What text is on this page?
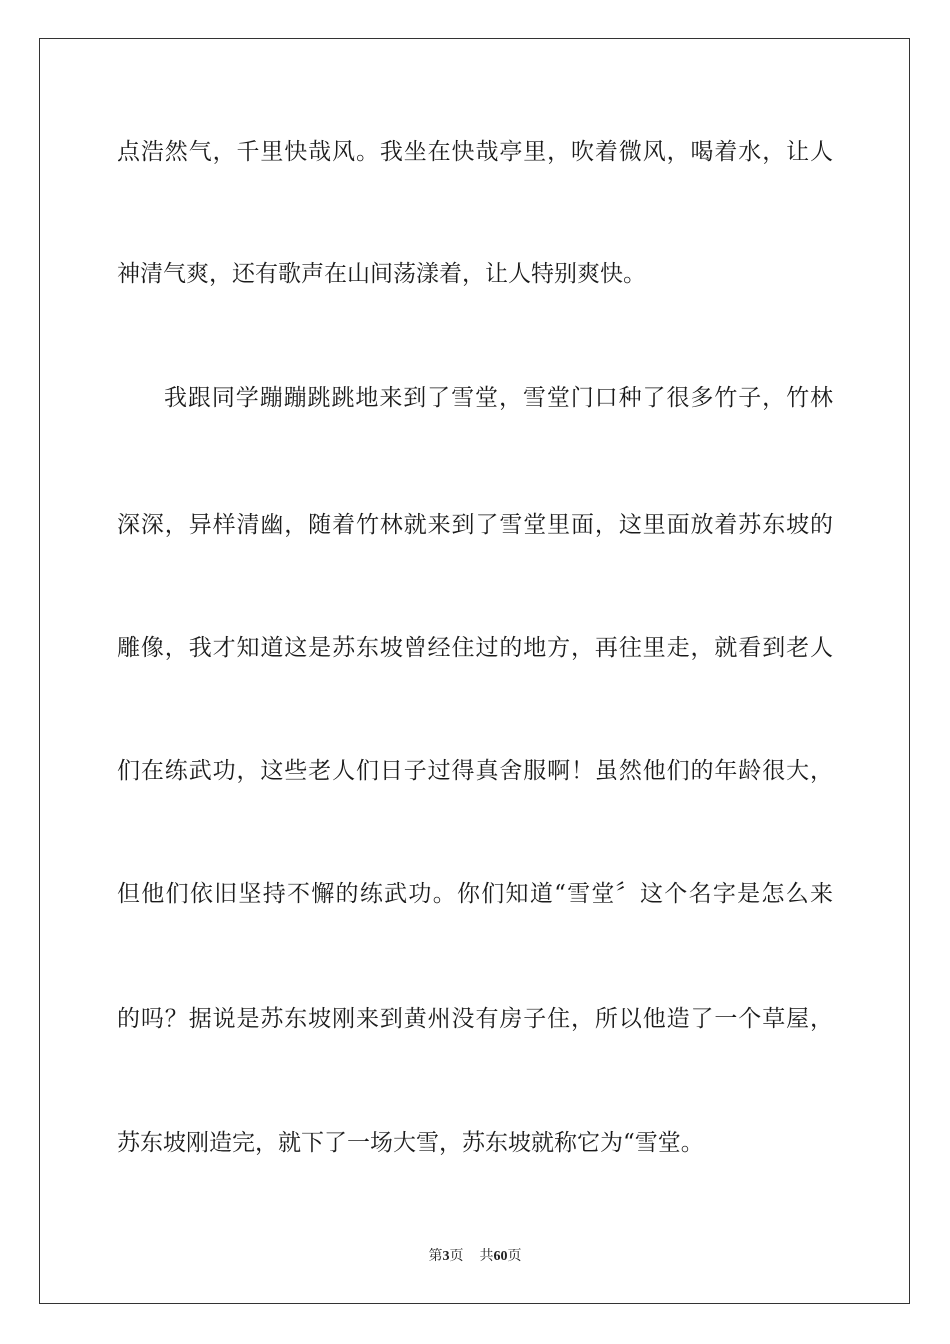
点浩然气，千里快哉风。我坐在快哉亭里，吹着微风，喝着水，让人
神清气爽，还有歌声在山间荡漾着，让人特别爽快。
我跟同学蹦蹦跳跳地来到了雪堂，雪堂门口种了很多竹子，竹林
深深，异样清幽，随着竹林就来到了雪堂里面，这里面放着苏东坡的
雕像，我才知道这是苏东坡曾经住过的地方，再往里走，就看到老人
们在练武功，这些老人们日子过得真舍服啊！虽然他们的年龄很大，
但他们依旧坚持不懈的练武功。你们知道“雪堂〞这个名字是怎么来
的吗？据说是苏东坡刚来到黄州没有房子住，所以他造了一个草屋，
苏东坡刚造完，就下了一场大雪，苏东坡就称它为“雪堂。
第3页 共60页
